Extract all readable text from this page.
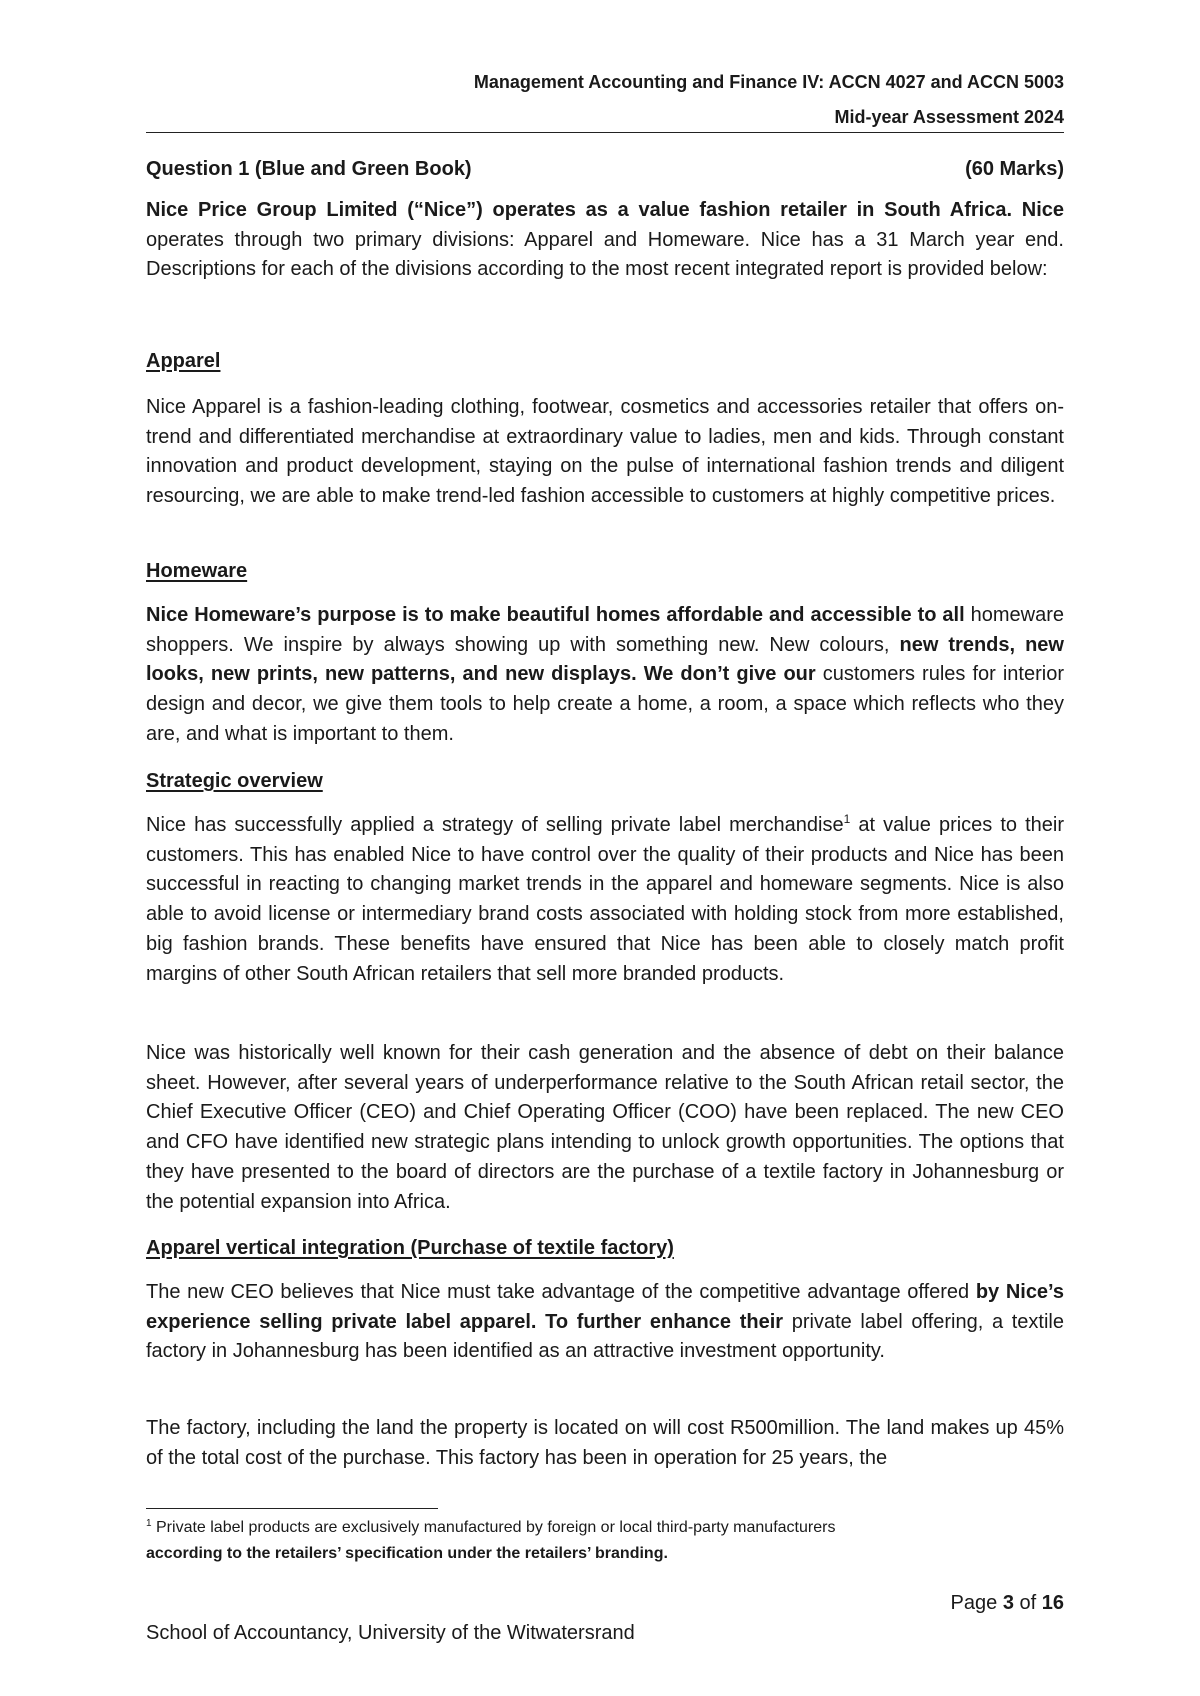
Management Accounting and Finance IV: ACCN 4027 and ACCN 5003
Mid-year Assessment 2024
Question 1 (Blue and Green Book)	(60 Marks)
Nice Price Group Limited (“Nice”) operates as a value fashion retailer in South Africa. Nice operates through two primary divisions: Apparel and Homeware. Nice has a 31 March year end. Descriptions for each of the divisions according to the most recent integrated report is provided below:
Apparel
Nice Apparel is a fashion-leading clothing, footwear, cosmetics and accessories retailer that offers on-trend and differentiated merchandise at extraordinary value to ladies, men and kids. Through constant innovation and product development, staying on the pulse of international fashion trends and diligent resourcing, we are able to make trend-led fashion accessible to customers at highly competitive prices.
Homeware
Nice Homeware’s purpose is to make beautiful homes affordable and accessible to all homeware shoppers. We inspire by always showing up with something new. New colours, new trends, new looks, new prints, new patterns, and new displays. We don’t give our customers rules for interior design and decor, we give them tools to help create a home, a room, a space which reflects who they are, and what is important to them.
Strategic overview
Nice has successfully applied a strategy of selling private label merchandise$^1$ at value prices to their customers. This has enabled Nice to have control over the quality of their products and Nice has been successful in reacting to changing market trends in the apparel and homeware segments. Nice is also able to avoid license or intermediary brand costs associated with holding stock from more established, big fashion brands. These benefits have ensured that Nice has been able to closely match profit margins of other South African retailers that sell more branded products.
Nice was historically well known for their cash generation and the absence of debt on their balance sheet. However, after several years of underperformance relative to the South African retail sector, the Chief Executive Officer (CEO) and Chief Operating Officer (COO) have been replaced. The new CEO and CFO have identified new strategic plans intending to unlock growth opportunities. The options that they have presented to the board of directors are the purchase of a textile factory in Johannesburg or the potential expansion into Africa.
Apparel vertical integration (Purchase of textile factory)
The new CEO believes that Nice must take advantage of the competitive advantage offered by Nice’s experience selling private label apparel. To further enhance their private label offering, a textile factory in Johannesburg has been identified as an attractive investment opportunity.
The factory, including the land the property is located on will cost R500million. The land makes up 45% of the total cost of the purchase. This factory has been in operation for 25 years, the
$^1$ Private label products are exclusively manufactured by foreign or local third-party manufacturers
according to the retailers’ specification under the retailers’ branding.
Page 3 of 16
School of Accountancy, University of the Witwatersrand
